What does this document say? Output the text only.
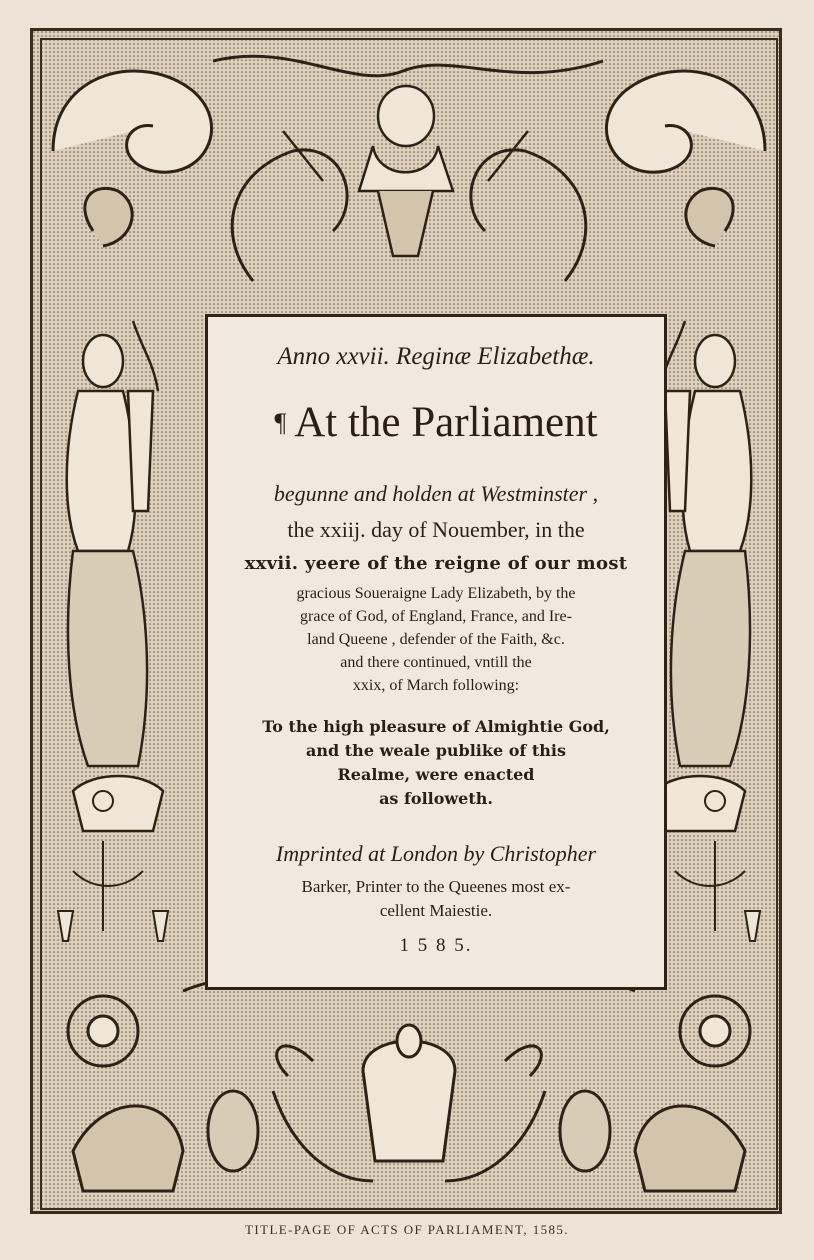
Anno xxvii. Reginæ Elizabethæ.
¶ At the Parliament
begunne and holden at Westminster ,
the xxiij. day of Nouember, in the
xxvii. yeere of the reigne of our most
gracious Soueraigne Lady Elizabeth, by the
grace of God, of England, France, and Ire-
land Queene , defender of the Faith, &c.
and there continued, vntill the
xxix, of March following:
To the high pleasure of Almightie God,
and the weale publike of this
Realme, were enacted
as followeth.
Imprinted at London by Christopher
Barker, Printer to the Queenes most ex-
cellent Maiestie.
1 5 8 5.
TITLE-PAGE OF ACTS OF PARLIAMENT, 1585.
